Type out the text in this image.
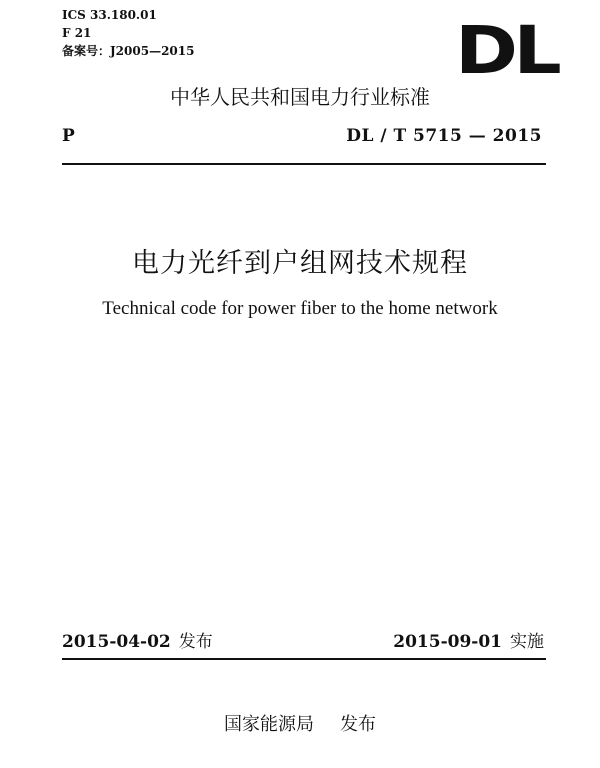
ICS 33.180.01
F 21
备案号：J2005—2015	DL
中华人民共和国电力行业标准
P	DL / T 5715 — 2015
电力光纤到户组网技术规程
Technical code for power fiber to the home network
2015-04-02 发布	2015-09-01 实施
国家能源局 发布
